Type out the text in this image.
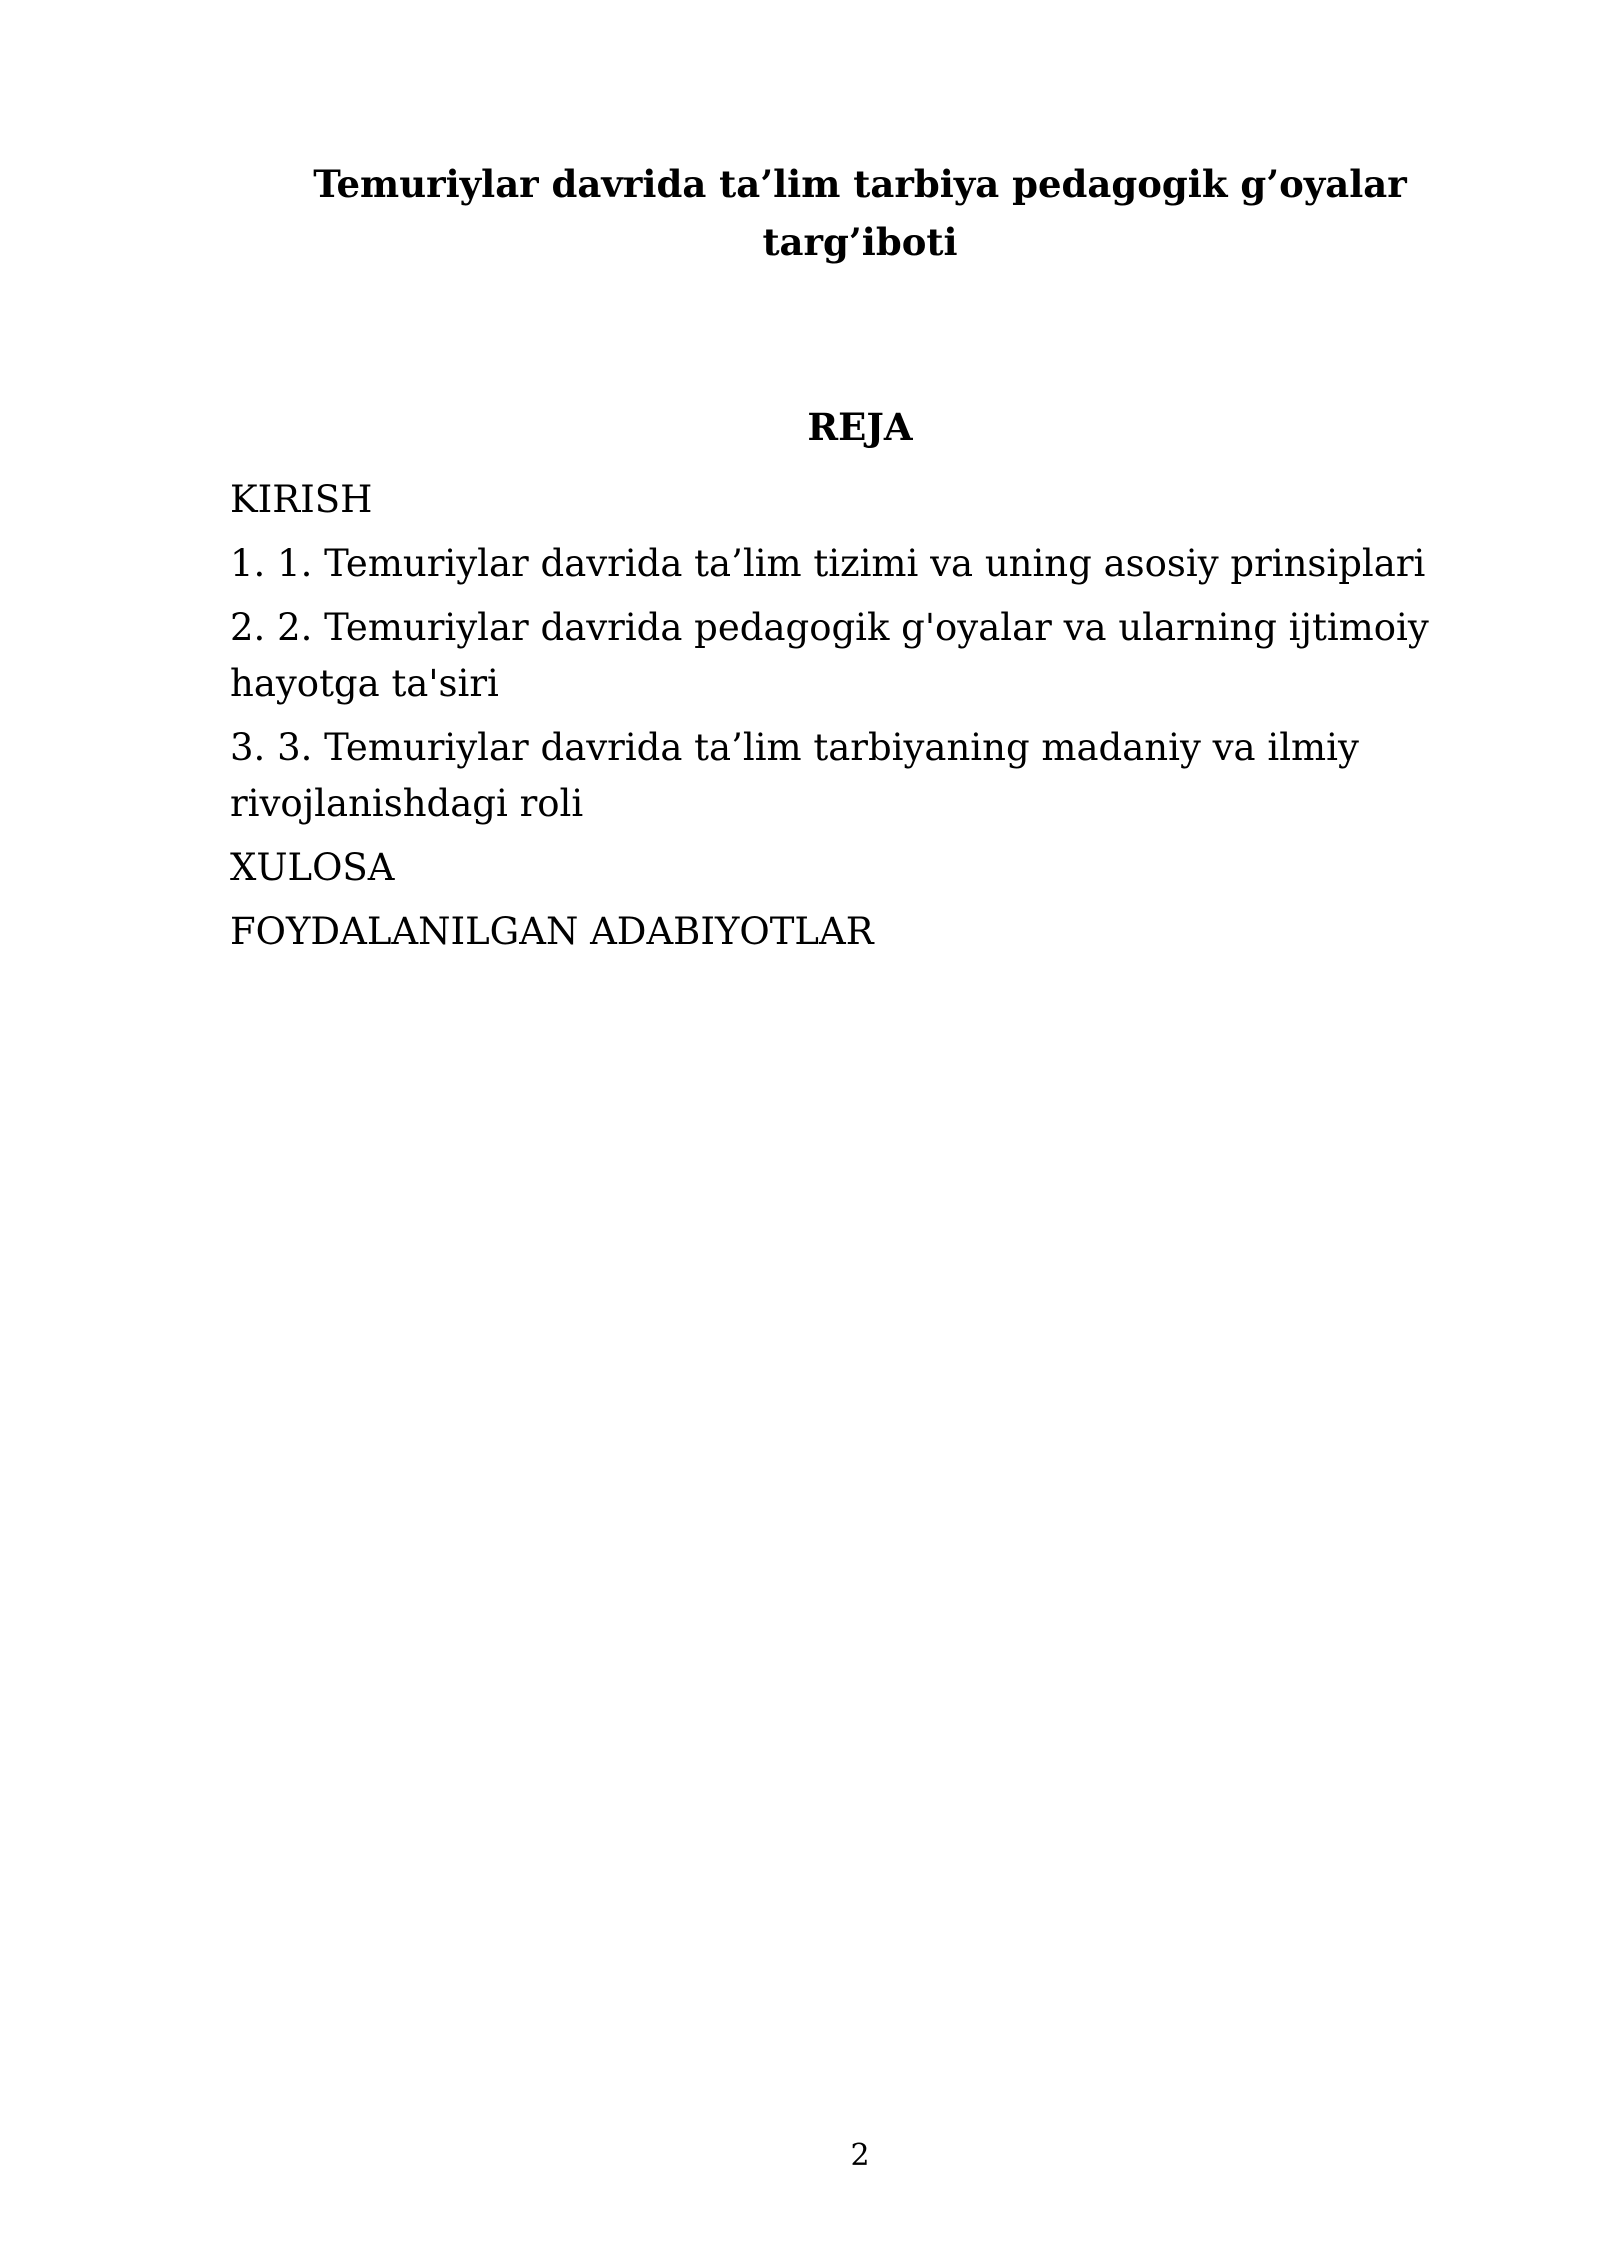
Temuriylar davrida ta’lim tarbiya pedagogik g’oyalar targ’iboti
REJA
KIRISH
1. 1. Temuriylar davrida ta’lim tizimi va uning asosiy prinsiplari
2. 2. Temuriylar davrida pedagogik g'oyalar va ularning ijtimoiy hayotga ta'siri
3. 3. Temuriylar davrida ta’lim tarbiyaning madaniy va ilmiy rivojlanishdagi roli
XULOSA
FOYDALANILGAN ADABIYOTLAR
2
